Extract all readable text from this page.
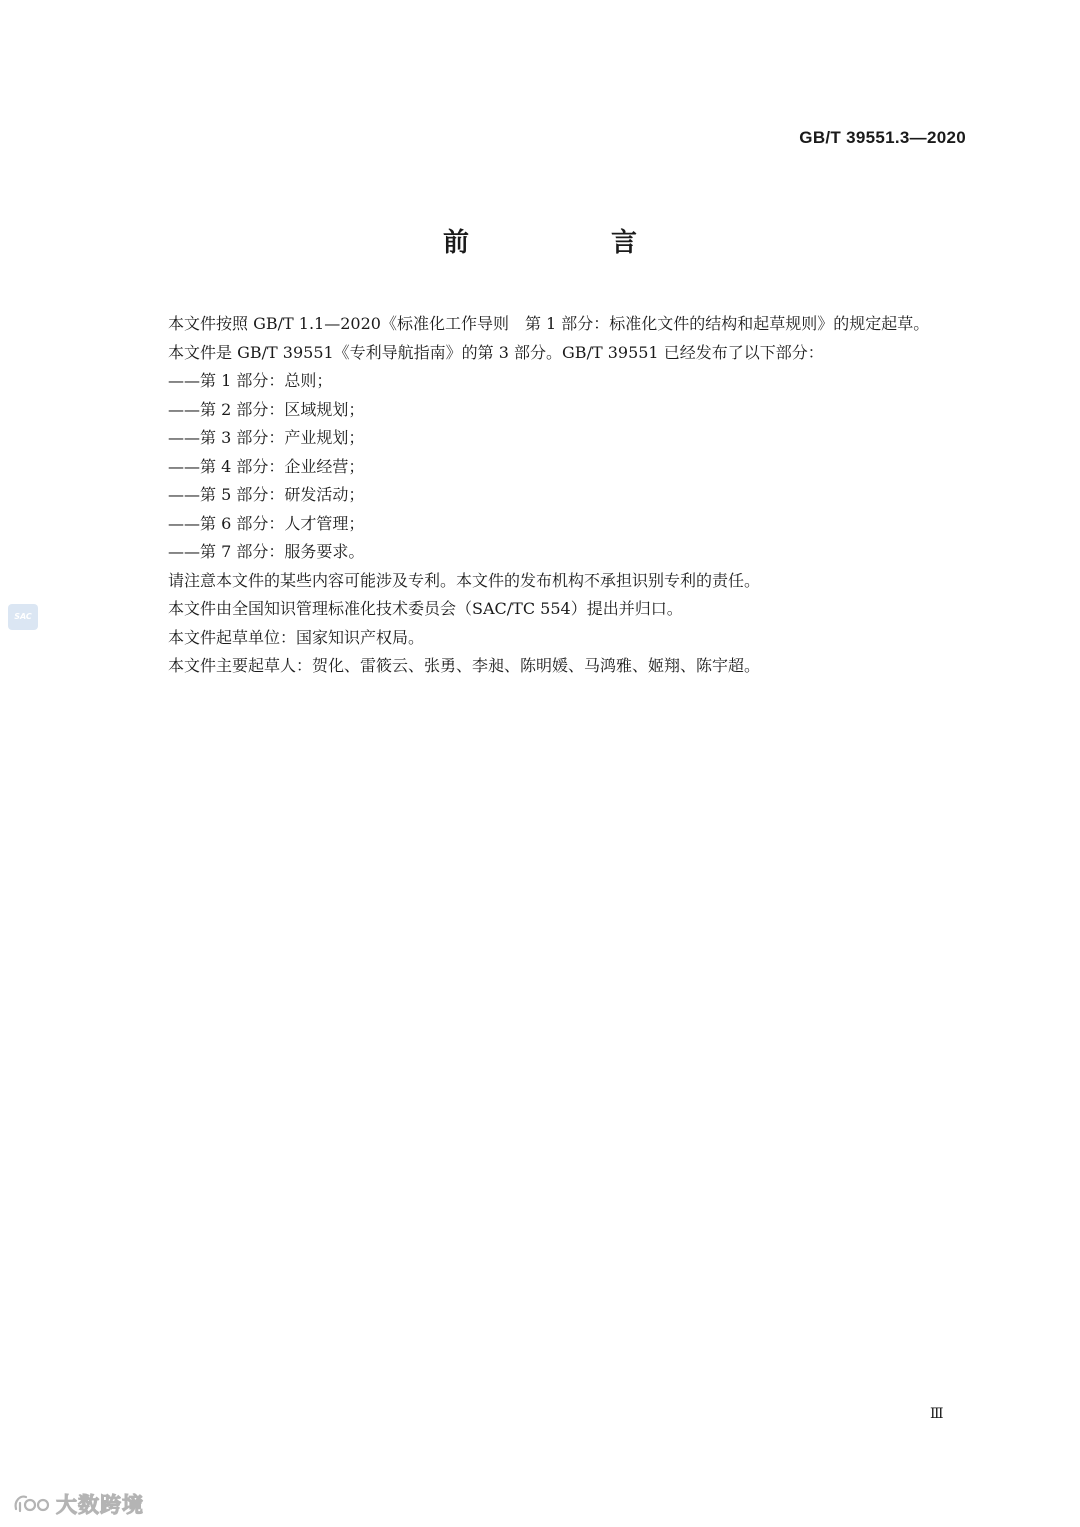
GB/T 39551.3—2020
前　言

本文件按照 GB/T 1.1—2020《标准化工作导则　第 1 部分：标准化文件的结构和起草规则》的规定起草。

本文件是 GB/T 39551《专利导航指南》的第 3 部分。GB/T 39551 已经发布了以下部分：

——第 1 部分：总则；

——第 2 部分：区域规划；

——第 3 部分：产业规划；

——第 4 部分：企业经营；

——第 5 部分：研发活动；

——第 6 部分：人才管理；

——第 7 部分：服务要求。

请注意本文件的某些内容可能涉及专利。本文件的发布机构不承担识别专利的责任。

本文件由全国知识管理标准化技术委员会（SAC/TC 554）提出并归口。

本文件起草单位：国家知识产权局。

本文件主要起草人：贺化、雷筱云、张勇、李昶、陈明媛、马鸿雅、姬翔、陈宇超。

Ⅲ
SAC
大数跨境
